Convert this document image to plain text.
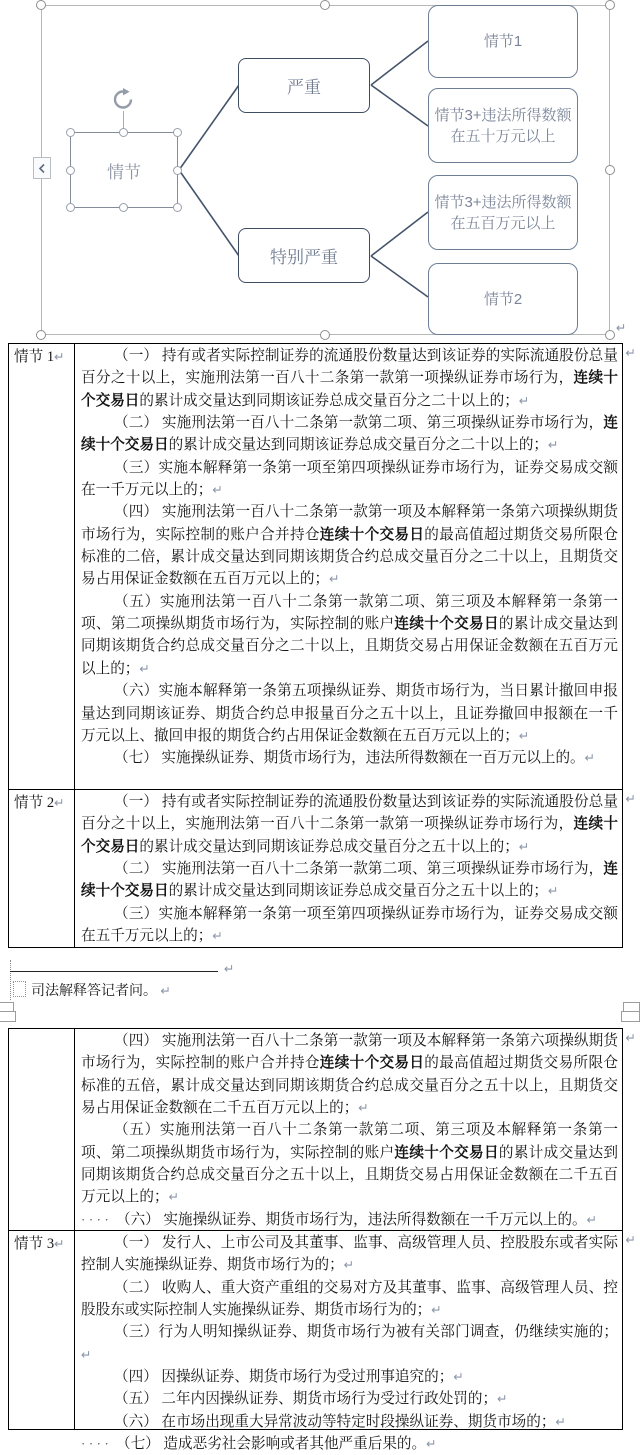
↵
情节
严重
特别严重
情节1
情节3+违法所得数额在五十万元以上
情节3+违法所得数额在五百万元以上
情节2
情节 1↵	（一） 持有或者实际控制证券的流通股份数量达到该证券的实际流通股份总量百分之十以上，实施刑法第一百八十二条第一款第一项操纵证券市场行为，连续十个交易日的累计成交量达到同期该证券总成交量百分之二十以上的；↵

（二） 实施刑法第一百八十二条第一款第二项、第三项操纵证券市场行为，连续十个交易日的累计成交量达到同期该证券总成交量百分之二十以上的；↵

（三）实施本解释第一条第一项至第四项操纵证券市场行为，证券交易成交额在一千万元以上的；↵

（四） 实施刑法第一百八十二条第一款第一项及本解释第一条第六项操纵期货市场行为，实际控制的账户合并持仓连续十个交易日的最高值超过期货交易所限仓标准的二倍，累计成交量达到同期该期货合约总成交量百分之二十以上，且期货交易占用保证金数额在五百万元以上的；↵

（五）实施刑法第一百八十二条第一款第二项、第三项及本解释第一条第一项、第二项操纵期货市场行为，实际控制的账户连续十个交易日的累计成交量达到同期该期货合约总成交量百分之二十以上，且期货交易占用保证金数额在五百万元以上的；↵

（六）实施本解释第一条第五项操纵证券、期货市场行为，当日累计撤回申报量达到同期该证券、期货合约总申报量百分之五十以上，且证券撤回申报额在一千万元以上、撤回申报的期货合约占用保证金数额在五百万元以上的；↵

（七） 实施操纵证券、期货市场行为，违法所得数额在一百万元以上的。↵

↵
情节 2↵	（一） 持有或者实际控制证券的流通股份数量达到该证券的实际流通股份总量百分之十以上，实施刑法第一百八十二条第一款第一项操纵证券市场行为，连续十个交易日的累计成交量达到同期该证券总成交量百分之五十以上的；↵

（二） 实施刑法第一百八十二条第一款第二项、第三项操纵证券市场行为，连续十个交易日的累计成交量达到同期该证券总成交量百分之五十以上的；↵

（三）实施本解释第一条第一项至第四项操纵证券市场行为，证券交易成交额在五千万元以上的；↵

↵
↵
司法解释答记者问。 ↵

（四） 实施刑法第一百八十二条第一款第一项及本解释第一条第六项操纵期货市场行为，实际控制的账户合并持仓连续十个交易日的最高值超过期货交易所限仓标准的五倍，累计成交量达到同期该期货合约总成交量百分之五十以上，且期货交易占用保证金数额在二千五百万元以上的；↵

（五）实施刑法第一百八十二条第一款第二项、第三项及本解释第一条第一项、第二项操纵期货市场行为，实际控制的账户连续十个交易日的累计成交量达到同期该期货合约总成交量百分之五十以上，且期货交易占用保证金数额在二千五百万元以上的；↵

···· （六） 实施操纵证券、期货市场行为，违法所得数额在一千万元以上的。↵

↵
情节 3↵	（一） 发行人、上市公司及其董事、监事、高级管理人员、控股股东或者实际控制人实施操纵证券、期货市场行为的；↵

（二） 收购人、重大资产重组的交易对方及其董事、监事、高级管理人员、控股股东或实际控制人实施操纵证券、期货市场行为的；↵

（三）行为人明知操纵证券、期货市场行为被有关部门调查，仍继续实施的；↵

（四） 因操纵证券、期货市场行为受过刑事追究的；↵

（五） 二年内因操纵证券、期货市场行为受过行政处罚的；↵

（六） 在市场出现重大异常波动等特定时段操纵证券、期货市场的；↵

···· （七） 造成恶劣社会影响或者其他严重后果的。↵

↵
